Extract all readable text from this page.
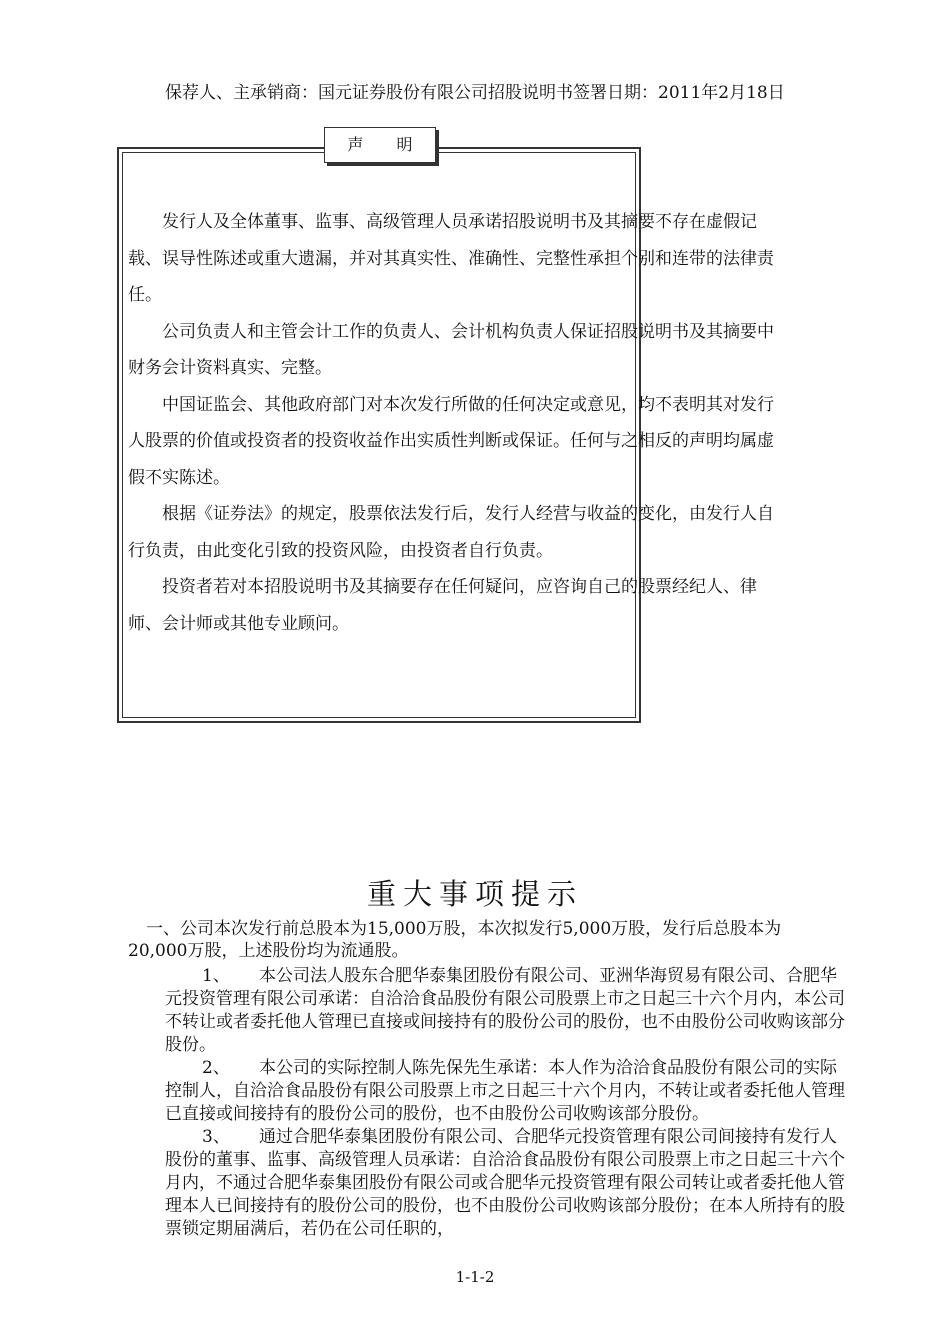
保荐人、主承销商：国元证券股份有限公司招股说明书签署日期：2011年2月18日
声 明

发行人及全体董事、监事、高级管理人员承诺招股说明书及其摘要不存在虚假记载、误导性陈述或重大遗漏，并对其真实性、准确性、完整性承担个别和连带的法律责任。

公司负责人和主管会计工作的负责人、会计机构负责人保证招股说明书及其摘要中财务会计资料真实、完整。

中国证监会、其他政府部门对本次发行所做的任何决定或意见，均不表明其对发行人股票的价值或投资者的投资收益作出实质性判断或保证。任何与之相反的声明均属虚假不实陈述。

根据《证券法》的规定，股票依法发行后，发行人经营与收益的变化，由发行人自行负责，由此变化引致的投资风险，由投资者自行负责。

投资者若对本招股说明书及其摘要存在任何疑问，应咨询自己的股票经纪人、律师、会计师或其他专业顾问。

重大事项提示

一、公司本次发行前总股本为15,000万股，本次拟发行5,000万股，发行后总股本为20,000万股，上述股份均为流通股。

1、 本公司法人股东合肥华泰集团股份有限公司、亚洲华海贸易有限公司、合肥华元投资管理有限公司承诺：自洽洽食品股份有限公司股票上市之日起三十六个月内，本公司不转让或者委托他人管理已直接或间接持有的股份公司的股份，也不由股份公司收购该部分股份。

2、 本公司的实际控制人陈先保先生承诺：本人作为洽洽食品股份有限公司的实际控制人，自洽洽食品股份有限公司股票上市之日起三十六个月内，不转让或者委托他人管理已直接或间接持有的股份公司的股份，也不由股份公司收购该部分股份。

3、 通过合肥华泰集团股份有限公司、合肥华元投资管理有限公司间接持有发行人股份的董事、监事、高级管理人员承诺：自洽洽食品股份有限公司股票上市之日起三十六个月内，不通过合肥华泰集团股份有限公司或合肥华元投资管理有限公司转让或者委托他人管理本人已间接持有的股份公司的股份，也不由股份公司收购该部分股份；在本人所持有的股票锁定期届满后，若仍在公司任职的，

1-1-2
